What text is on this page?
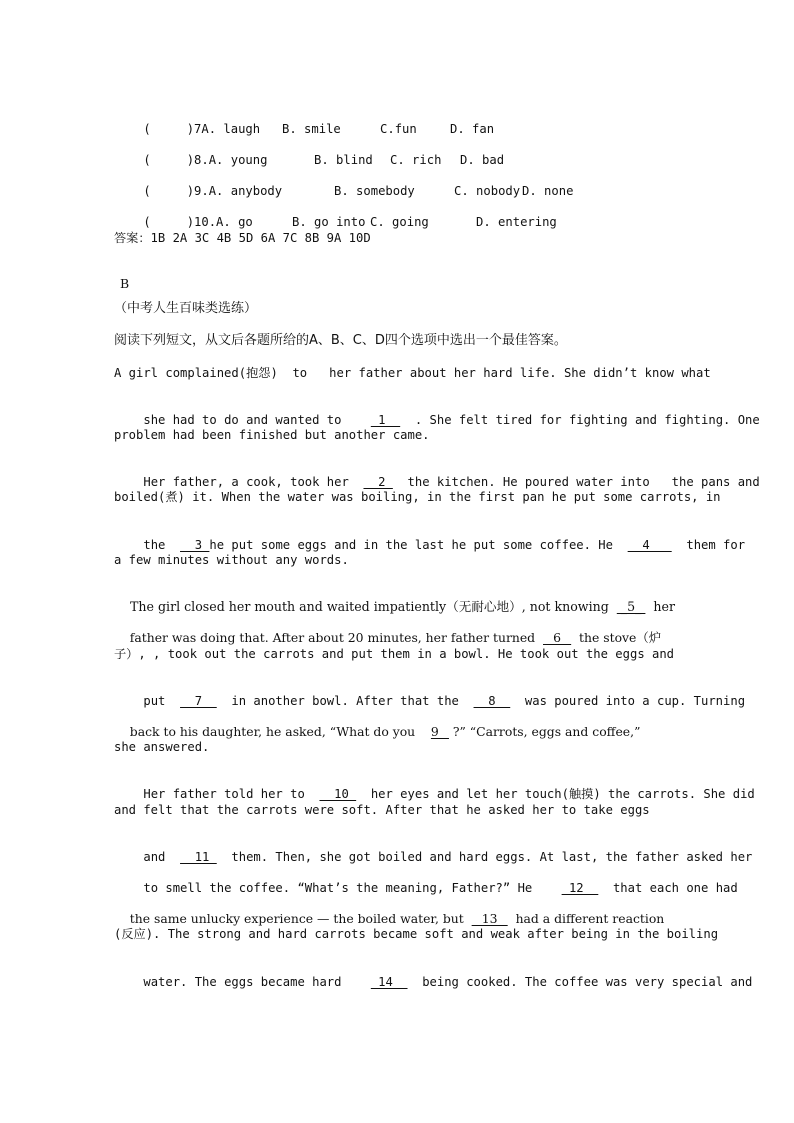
(	)7A. laugh B. smile	C.fun	D. fan

(	)8.A. young	B. blind C. rich D. bad

(	)9.A. anybody	B. somebody	C. nobody D. none

(	)10.A. go	B. go into C. going	D. entering

答案：1B 2A 3C 4B 5D 6A 7C 8B 9A 10D
B
（中考人生百味类选练）
阅读下列短文，从文后各题所给的A、B、C、D四个选项中选出一个最佳答案。
A girl complained(抱怨)  to   her father about her hard life. She didn’t know what

she had to do and wanted to     1_   . She felt tired for fighting and fighting. One

problem had been finished but another came.

Her father, a cook, took her   _2   the kitchen. He poured water into   the pans and

boiled(煮) it. When the water was boiling, in the first pan he put some carrots, in

the   _3 he put some eggs and in the last he put some coffee. He   _4__   them for

a few minutes without any words.

The girl closed her mouth and waited impatiently（无耐心地）, not knowing   _5_   her

father was doing that. After about 20 minutes, her father turned   _6_   the stove（炉

子）, , took out the carrots and put them in a bowl. He took out the eggs and

put   _7_   in another bowl. After that the   _8_   was poured into a cup. Turning

back to his daughter, he asked, “What do you    9_  ?” “Carrots, eggs and coffee,”

she answered.

Her father told her to   _10   her eyes and let her touch(触摸) the carrots. She did

and felt that the carrots were soft. After that he asked her to take eggs

and   _11   them. Then, she got boiled and hard eggs. At last, the father asked her

to smell the coffee. “What’s the meaning, Father?” He     12_   that each one had

the same unlucky experience — the boiled water, but   _13_   had a different reaction

(反应). The strong and hard carrots became soft and weak after being in the boiling

water. The eggs became hard     14_   being cooked. The coffee was very special and
